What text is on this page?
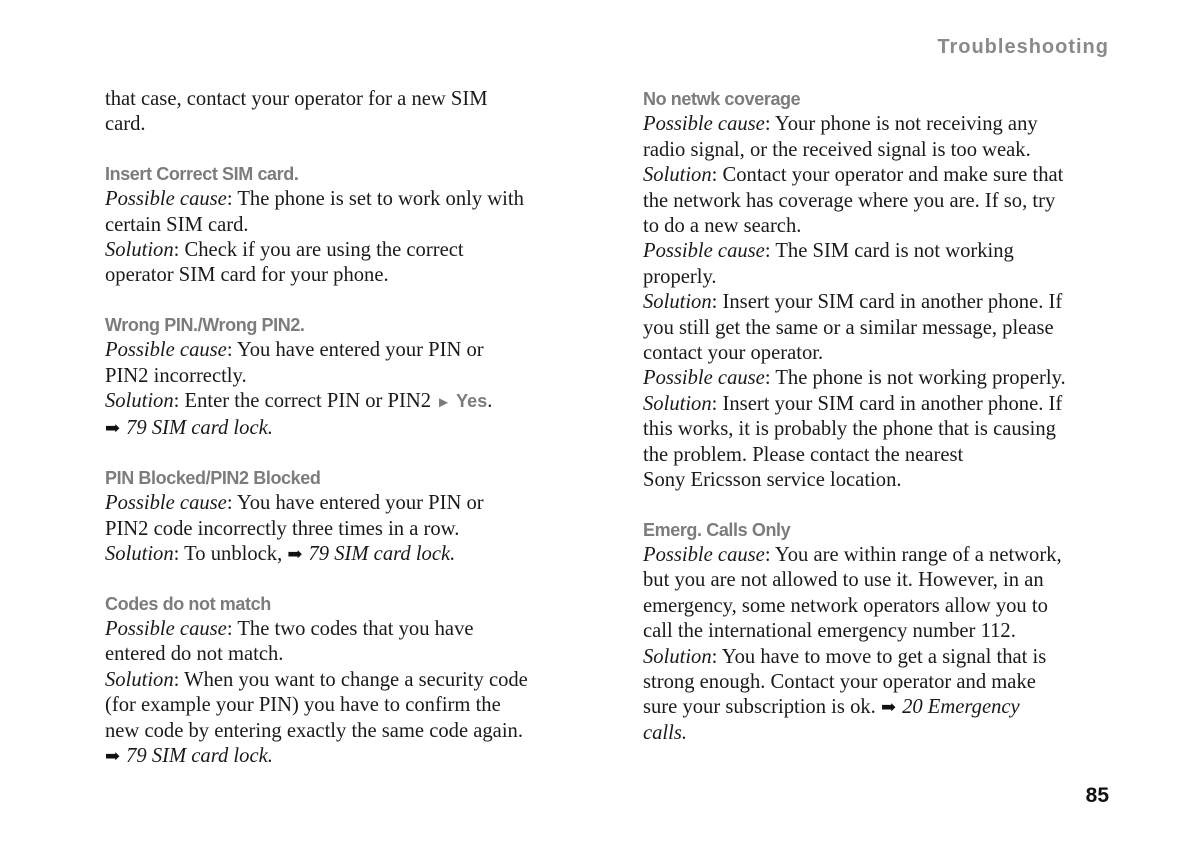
Troubleshooting

that case, contact your operator for a new SIM

card.

Insert Correct SIM card.

Possible cause: The phone is set to work only with

certain SIM card.

Solution: Check if you are using the correct

operator SIM card for your phone.

Wrong PIN./Wrong PIN2.

Possible cause: You have entered your PIN or

PIN2 incorrectly.

Solution: Enter the correct PIN or PIN2 ► Yes.

➡ 79 SIM card lock.

PIN Blocked/PIN2 Blocked

Possible cause: You have entered your PIN or

PIN2 code incorrectly three times in a row.

Solution: To unblock, ➡ 79 SIM card lock.

Codes do not match

Possible cause: The two codes that you have

entered do not match.

Solution: When you want to change a security code

(for example your PIN) you have to confirm the

new code by entering exactly the same code again.

➡ 79 SIM card lock.

No netwk coverage

Possible cause: Your phone is not receiving any

radio signal, or the received signal is too weak.

Solution: Contact your operator and make sure that

the network has coverage where you are. If so, try

to do a new search.

Possible cause: The SIM card is not working

properly.

Solution: Insert your SIM card in another phone. If

you still get the same or a similar message, please

contact your operator.

Possible cause: The phone is not working properly.

Solution: Insert your SIM card in another phone. If

this works, it is probably the phone that is causing

the problem. Please contact the nearest

Sony Ericsson service location.

Emerg. Calls Only

Possible cause: You are within range of a network,

but you are not allowed to use it. However, in an

emergency, some network operators allow you to

call the international emergency number 112.

Solution: You have to move to get a signal that is

strong enough. Contact your operator and make

sure your subscription is ok. ➡ 20 Emergency

calls.

85
